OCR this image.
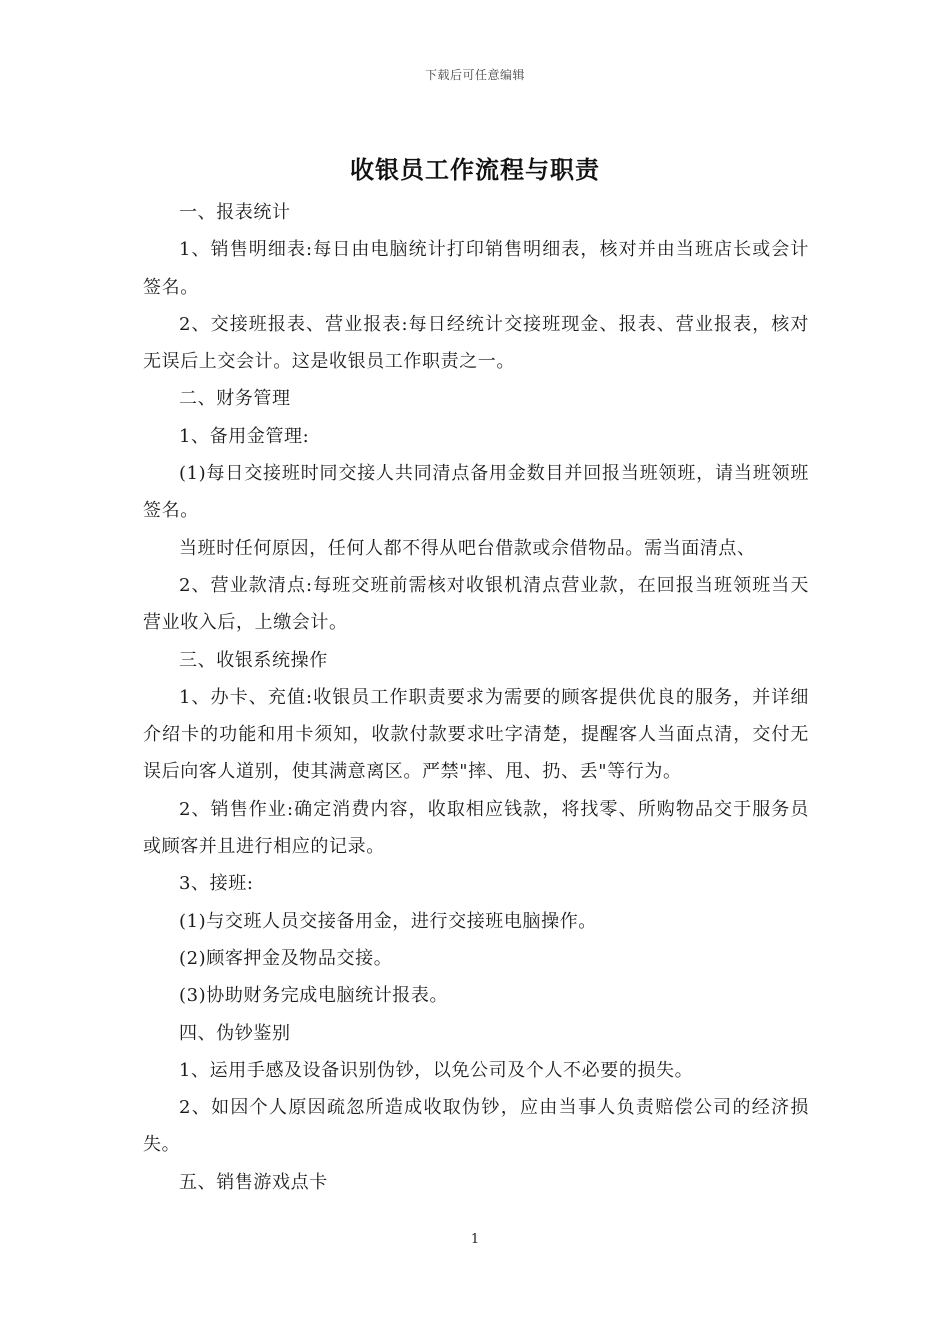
下载后可任意编辑
收银员工作流程与职责

一、报表统计

1、销售明细表:每日由电脑统计打印销售明细表，核对并由当班店长或会计签名。

2、交接班报表、营业报表:每日经统计交接班现金、报表、营业报表，核对无误后上交会计。这是收银员工作职责之一。

二、财务管理

1、备用金管理:

(1)每日交接班时同交接人共同清点备用金数目并回报当班领班，请当班领班签名。

当班时任何原因，任何人都不得从吧台借款或佘借物品。需当面清点、

2、营业款清点:每班交班前需核对收银机清点营业款，在回报当班领班当天营业收入后，上缴会计。

三、收银系统操作

1、办卡、充值:收银员工作职责要求为需要的顾客提供优良的服务，并详细介绍卡的功能和用卡须知，收款付款要求吐字清楚，提醒客人当面点清，交付无误后向客人道别，使其满意离区。严禁"摔、甩、扔、丢"等行为。

2、销售作业:确定消费内容，收取相应钱款，将找零、所购物品交于服务员或顾客并且进行相应的记录。

3、接班:

(1)与交班人员交接备用金，进行交接班电脑操作。

(2)顾客押金及物品交接。

(3)协助财务完成电脑统计报表。

四、伪钞鉴别

1、运用手感及设备识别伪钞，以免公司及个人不必要的损失。

2、如因个人原因疏忽所造成收取伪钞，应由当事人负责赔偿公司的经济损失。

五、销售游戏点卡

1
